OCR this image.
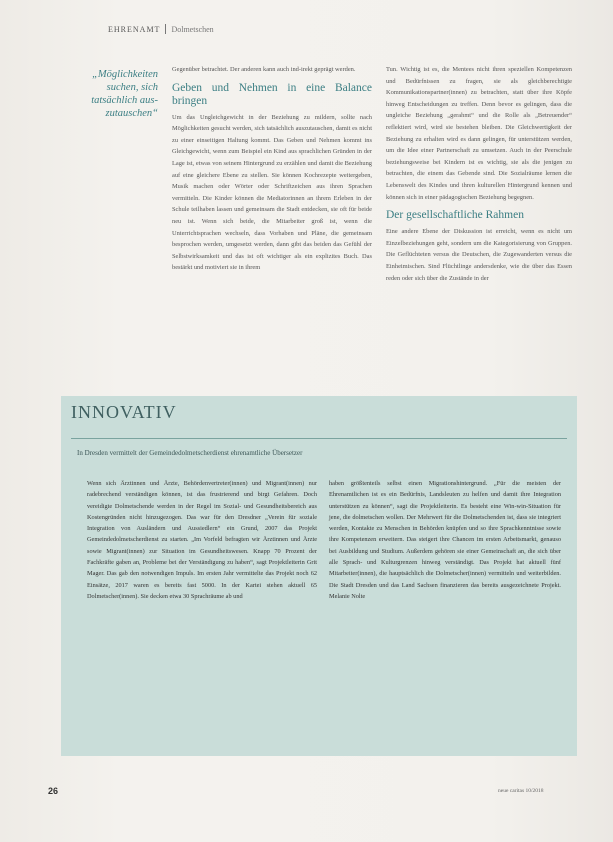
EHRENAMT Dolmetschen
„Möglichkeiten suchen, sich tatsächlich aus-zutauschen“

Gegenüber betrachtet. Der anderen kann auch ind-irekt geprägt werden.

Geben und Nehmen in eine Balance bringen

Um das Ungleichgewicht in der Beziehung zu mildern, sollte nach Möglichkeiten gesucht werden, sich tatsächlich auszutauschen, damit es nicht zu einer einseitigen Haltung kommt. Das Geben und Nehmen kommt ins Gleichgewicht, wenn zum Beispiel ein Kind aus sprachlichen Gründen in der Lage ist, etwas von seinem Hintergrund zu erzählen und damit die Beziehung auf eine gleichere Ebene zu stellen. Sie können Kochrezepte weitergeben, Musik machen oder Wörter oder Schriftzeichen aus ihren Sprachen vermitteln. Die Kinder können die Mediatorinnen an ihrem Erleben in der Schule teilhaben lassen und gemeinsam die Stadt entdecken, sie oft für beide neu ist. Wenn sich beide, die Mitarbeiter groß ist, wenn die Unterrichtsprachen wechseln, dass Vorhaben und Pläne, die gemeinsam besprochen werden, umgesetzt werden, dann gibt das beiden das Gefühl der Selbstwirksamkeit und das ist oft wichtiger als ein explizites Buch. Das bestärkt und motiviert sie in ihrem

Tun. Wichtig ist es, die Mentees nicht ihren speziellen Kompetenzen und Bedürfnissen zu fragen, sie als gleichberechtigte Kommunikationspartner(innen) zu betrachten, statt über ihre Köpfe hinweg Entscheidungen zu treffen. Denn bevor es gelingen, dass die ungleiche Beziehung „gerahmt“ und die Rolle als „Betreuender“ reflektiert wird, wird sie bestehen bleiben. Die Gleichwertigkeit der Beziehung zu erhalten wird es dann gelingen, für unterstützen werden, um die Idee einer Partnerschaft zu umsetzen. Auch in der Peerschule beziehungsweise bei Kindern ist es wichtig, sie als die jenigen zu betrachten, die einem das Gebende sind. Die Sozialräume lernen die Lebenswelt des Kindes und ihren kulturellen Hintergrund kennen und können sich in einer pädagogischen Beziehung begegnen.

Der gesellschaftliche Rahmen

Eine andere Ebene der Diskussion ist erreicht, wenn es nicht um Einzelbeziehungen geht, sondern um die Kategorisierung von Gruppen. Die Geflüchteten versus die Deutschen, die Zugewanderten versus die Einheimischen. Sind Flüchtlinge andersdenke, wie die über das Essen reden oder sich über die Zustände in der

INNOVATIV
In Dresden vermittelt der Gemeindedolmetscherdienst ehrenamtliche Übersetzer

Wenn sich Ärztinnen und Ärzte, Behördenvertreter(innen) und Migrant(innen) nur radebrechend verständigen können, ist das frustrierend und birgt Gefahren. Doch vereidigte Dolmetschende werden in der Regel im Sozial- und Gesundheitsbereich aus Kostengründen nicht hinzugezogen. Das war für den Dresdner „Verein für soziale Integration von Ausländern und Aussiedlern“ ein Grund, 2007 das Projekt Gemeindedolmetscherdienst zu starten. „Im Vorfeld befragten wir Ärztinnen und Ärzte sowie Migrant(innen) zur Situation im Gesundheitswesen. Knapp 70 Prozent der Fachkräfte gaben an, Probleme bei der Verständigung zu haben“, sagt Projektleiterin Grit Mager. Das gab den notwendigen Impuls. Im ersten Jahr vermittelte das Projekt noch 62 Einsätze, 2017 waren es bereits fast 5000. In der Kartei stehen aktuell 65 Dolmetscher(innen). Sie decken etwa 30 Sprachräume ab und

haben größtenteils selbst einen Migrationshintergrund. „Für die meisten der Ehrenamtlichen ist es ein Bedürfnis, Landsleuten zu helfen und damit ihre Integration unterstützen zu können“, sagt die Projektleiterin. Es besteht eine Win-win-Situation für jene, die dolmetschen wollen. Der Mehrwert für die Dolmetschenden ist, dass sie integriert werden, Kontakte zu Menschen in Behörden knüpfen und so ihre Sprachkenntnisse sowie ihre Kompetenzen erweitern. Das steigert ihre Chancen im ersten Arbeitsmarkt, genauso bei Ausbildung und Studium. Außerdem gehören sie einer Gemeinschaft an, die sich über alle Sprach- und Kulturgrenzen hinweg verständigt. Das Projekt hat aktuell fünf Mitarbeiter(innen), die hauptsächlich die Dolmetscher(innen) vermitteln und weiterbilden. Die Stadt Dresden und das Land Sachsen finanzieren das bereits ausgezeichnete Projekt. Melanie Nolte

26	neue caritas 10/2018
